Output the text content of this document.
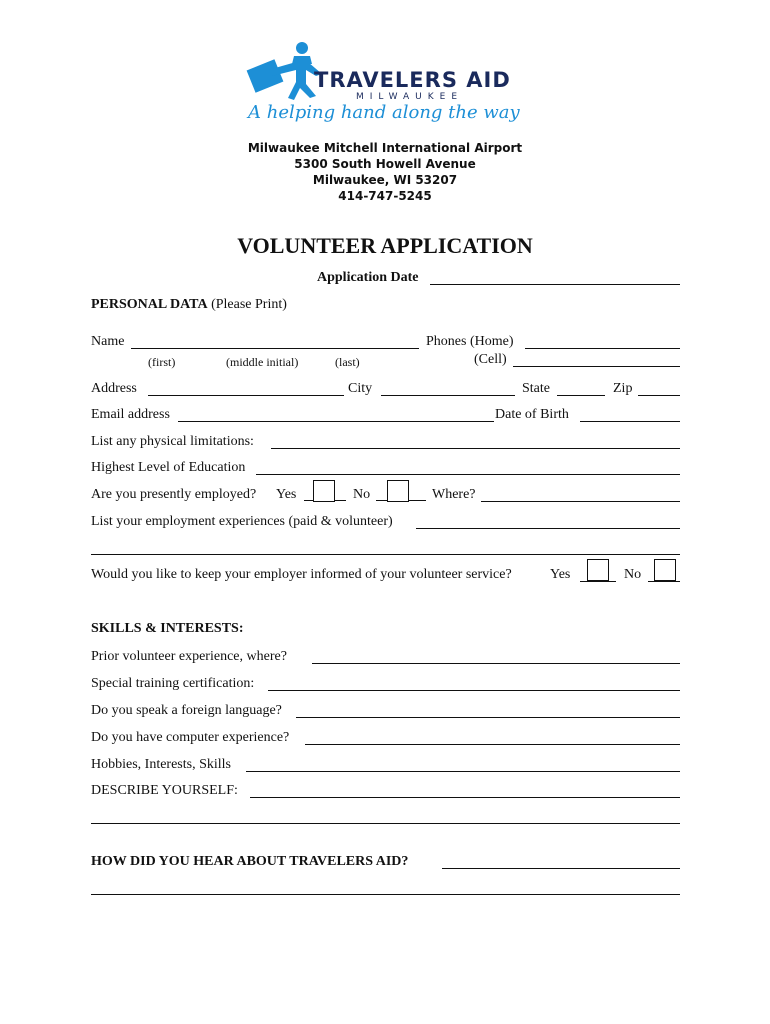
TRAVELERS AID
MILWAUKEE
A helping hand along the way
Milwaukee Mitchell International Airport
5300 South Howell Avenue
Milwaukee, WI 53207
414-747-5245
VOLUNTEER APPLICATION
Application Date
PERSONAL DATA (Please Print)
Name
(first)	(middle initial)	(last)
Phones (Home)
(Cell)
Address	City	State	Zip
Email address	Date of Birth
List any physical limitations:
Highest Level of Education
Are you presently employed? Yes	No	Where?
List your employment experiences (paid & volunteer)
Would you like to keep your employer informed of your volunteer service?	Yes	No
SKILLS & INTERESTS:
Prior volunteer experience, where?
Special training certification:
Do you speak a foreign language?
Do you have computer experience?
Hobbies, Interests, Skills
DESCRIBE YOURSELF:
HOW DID YOU HEAR ABOUT TRAVELERS AID?
